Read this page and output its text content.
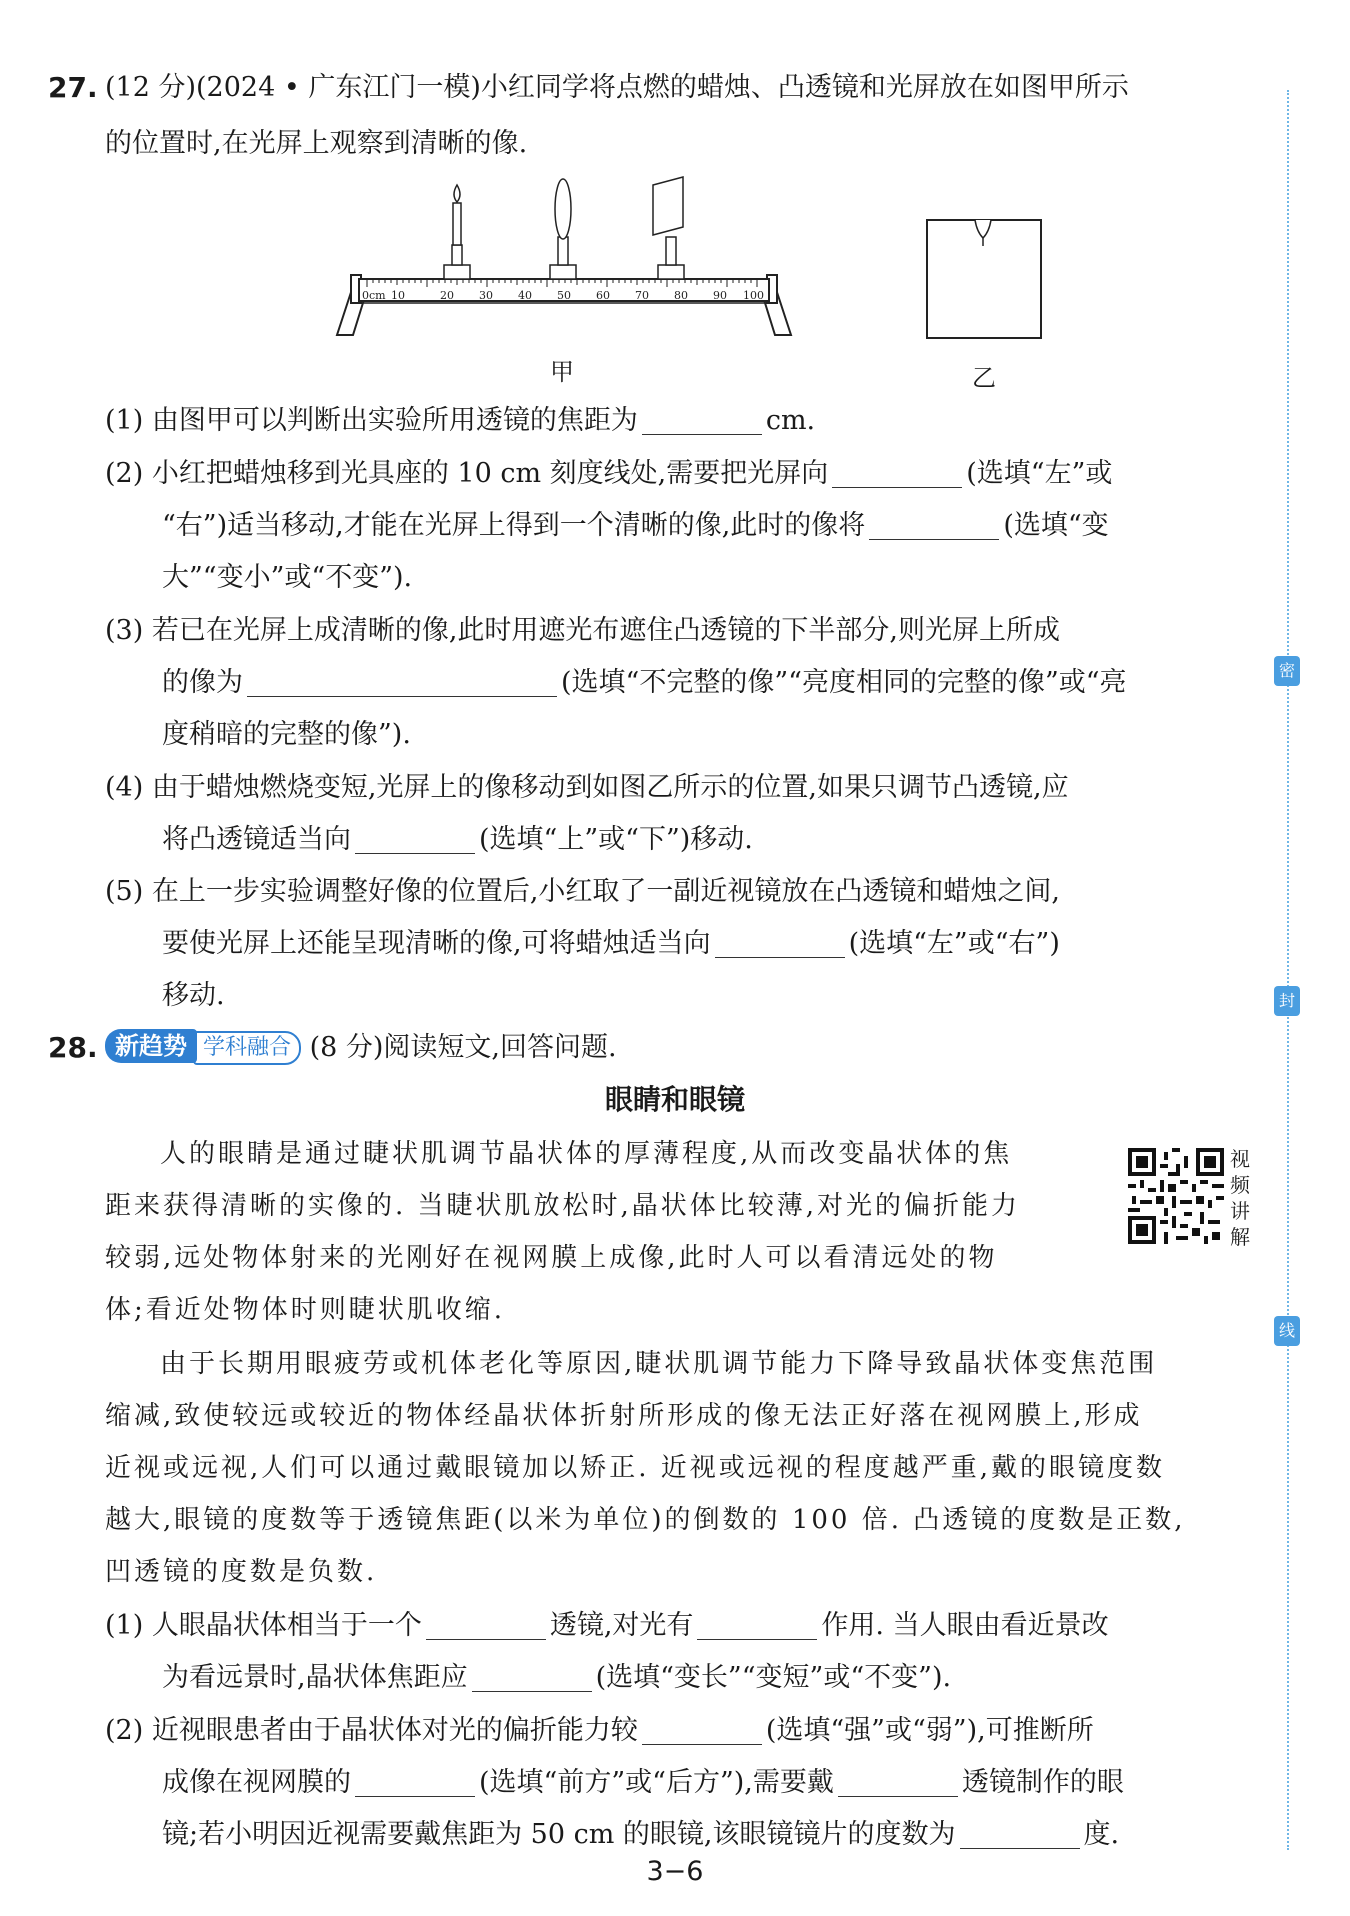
27. (12 分)(2024 • 广东江门一模)小红同学将点燃的蜡烛、凸透镜和光屏放在如图甲所示
的位置时,在光屏上观察到清晰的像.
0cm 10	20 30 40 50 60 70 80 90 100
甲	乙
(1) 由图甲可以判断出实验所用透镜的焦距为	cm.
(2) 小红把蜡烛移到光具座的 10 cm 刻度线处,需要把光屏向	(选填“左”或
“右”)适当移动,才能在光屏上得到一个清晰的像,此时的像将	(选填“变
大”“变小”或“不变”).
(3) 若已在光屏上成清晰的像,此时用遮光布遮住凸透镜的下半部分,则光屏上所成
的像为	(选填“不完整的像”“亮度相同的完整的像”或“亮
度稍暗的完整的像”).
(4) 由于蜡烛燃烧变短,光屏上的像移动到如图乙所示的位置,如果只调节凸透镜,应
将凸透镜适当向	(选填“上”或“下”)移动.
(5) 在上一步实验调整好像的位置后,小红取了一副近视镜放在凸透镜和蜡烛之间,
要使光屏上还能呈现清晰的像,可将蜡烛适当向	(选填“左”或“右”)
移动.
28. 新趋势 学科融合 (8 分)阅读短文,回答问题.
眼睛和眼镜
人的眼睛是通过睫状肌调节晶状体的厚薄程度,从而改变晶状体的焦
距来获得清晰的实像的. 当睫状肌放松时,晶状体比较薄,对光的偏折能力
较弱,远处物体射来的光刚好在视网膜上成像,此时人可以看清远处的物
体;看近处物体时则睫状肌收缩.
视频讲解
由于长期用眼疲劳或机体老化等原因,睫状肌调节能力下降导致晶状体变焦范围
缩减,致使较远或较近的物体经晶状体折射所形成的像无法正好落在视网膜上,形成
近视或远视,人们可以通过戴眼镜加以矫正. 近视或远视的程度越严重,戴的眼镜度数
越大,眼镜的度数等于透镜焦距(以米为单位)的倒数的 100 倍. 凸透镜的度数是正数,
凹透镜的度数是负数.
(1) 人眼晶状体相当于一个	透镜,对光有	作用. 当人眼由看近景改
为看远景时,晶状体焦距应	(选填“变长”“变短”或“不变”).
(2) 近视眼患者由于晶状体对光的偏折能力较	(选填“强”或“弱”),可推断所
成像在视网膜的	(选填“前方”或“后方”),需要戴	透镜制作的眼
镜;若小明因近视需要戴焦距为 50 cm 的眼镜,该眼镜镜片的度数为	度.
密
封
线
3−6
